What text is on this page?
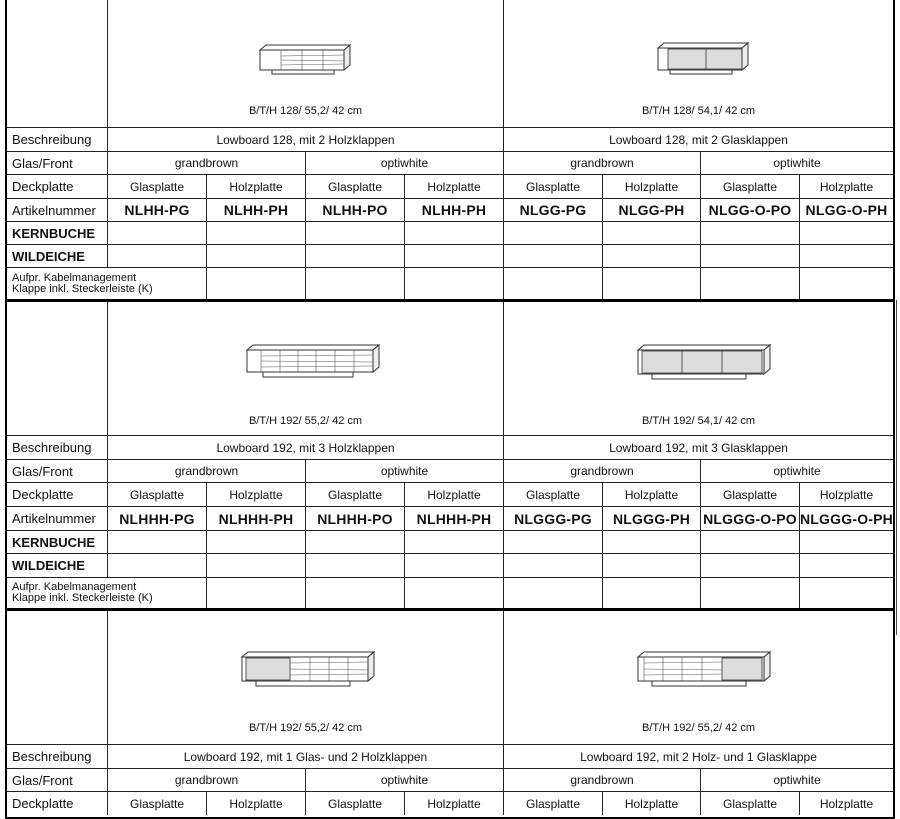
B/T/H 128/ 55,2/ 42 cm	B/T/H 128/ 54,1/ 42 cm
Beschreibung	Lowboard 128, mit 2 Holzklappen	Lowboard 128, mit 2 Glasklappen
Glas/Front	grandbrown	optiwhite	grandbrown	optiwhite
Deckplatte	Glasplatte	Holzplatte	Glasplatte	Holzplatte	Glasplatte	Holzplatte	Glasplatte	Holzplatte
Artikelnummer	NLHH-PG	NLHH-PH	NLHH-PO	NLHH-PH	NLGG-PG	NLGG-PH	NLGG-O-PO	NLGG-O-PH
KERNBUCHE
WILDEICHE
Aufpr. Kabelmanagement
Klappe inkl. Steckerleiste (K)
B/T/H 192/ 55,2/ 42 cm	B/T/H 192/ 54,1/ 42 cm
Beschreibung	Lowboard 192, mit 3 Holzklappen	Lowboard 192, mit 3 Glasklappen
Glas/Front	grandbrown	optiwhite	grandbrown	optiwhite
Deckplatte	Glasplatte	Holzplatte	Glasplatte	Holzplatte	Glasplatte	Holzplatte	Glasplatte	Holzplatte
Artikelnummer	NLHHH-PG	NLHHH-PH	NLHHH-PO	NLHHH-PH	NLGGG-PG	NLGGG-PH NLGGG-O-PO NLGGG-O-PH
KERNBUCHE
WILDEICHE
Aufpr. Kabelmanagement
Klappe inkl. Steckerleiste (K)
B/T/H 192/ 55,2/ 42 cm	B/T/H 192/ 55,2/ 42 cm
Beschreibung	Lowboard 192, mit 1 Glas- und 2 Holzklappen	Lowboard 192, mit 2 Holz- und 1 Glasklappe
Glas/Front	grandbrown	optiwhite	grandbrown	optiwhite
Deckplatte	Glasplatte	Holzplatte	Glasplatte	Holzplatte	Glasplatte	Holzplatte	Glasplatte	Holzplatte
